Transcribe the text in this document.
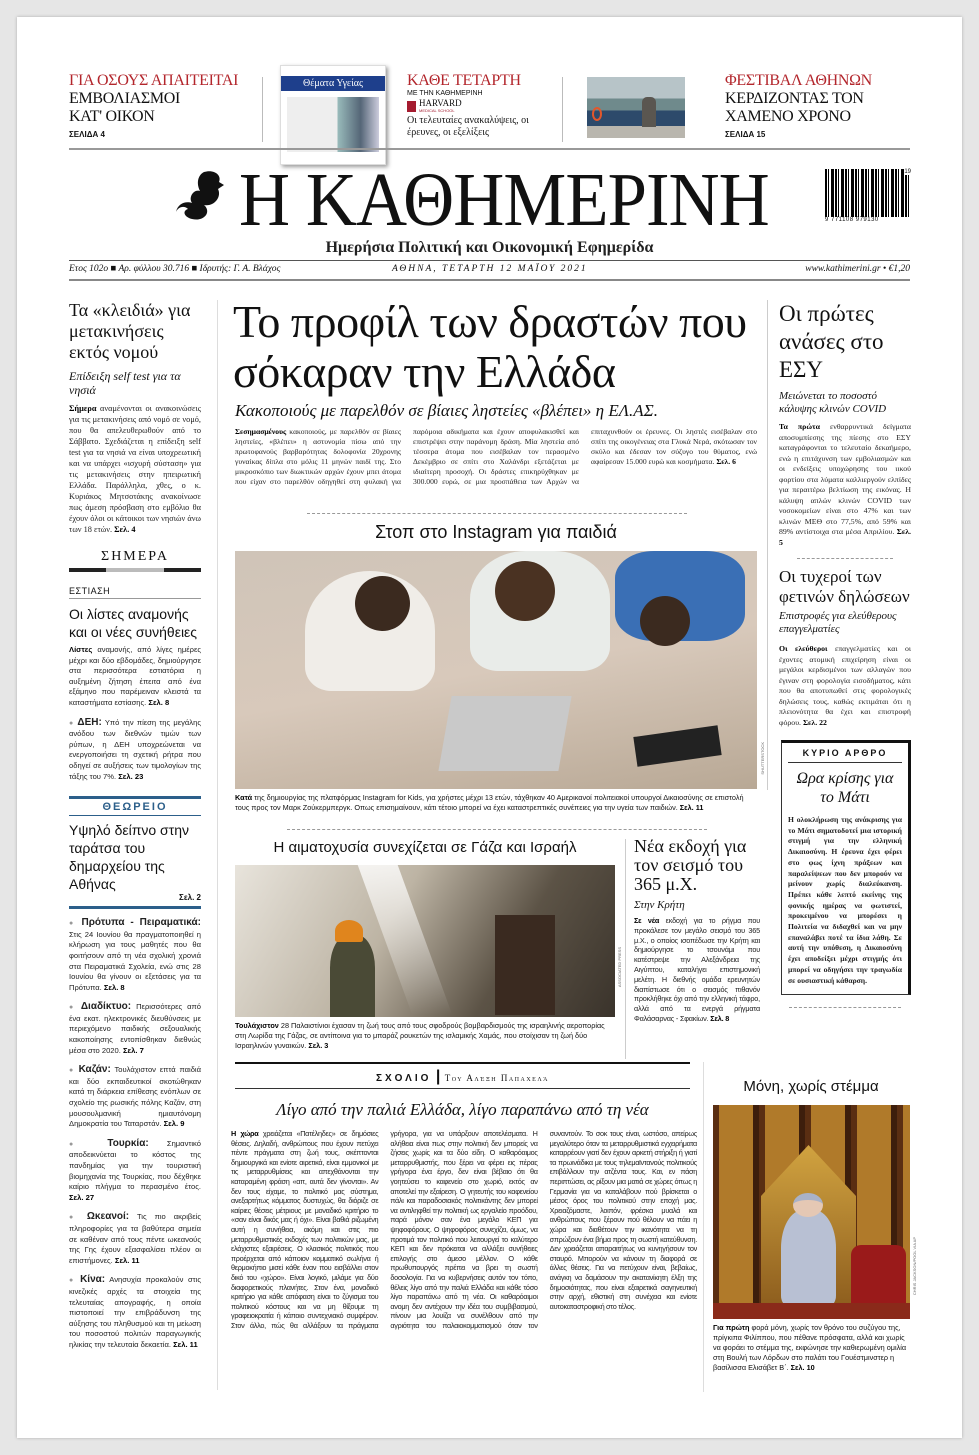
ΓΙΑ ΟΣΟΥΣ ΑΠΑΙΤΕΙΤΑΙ
ΕΜΒΟΛΙΑΣΜΟΙ ΚΑΤ' ΟΙΚΟΝ
ΣΕΛΙΔΑ 4
Θέματα Υγείας	ΚΑΘΕ ΤΕΤΑΡΤΗ
ΜΕ ΤΗΝ ΚΑΘΗΜΕΡΙΝΗ
HARVARD
MEDICAL SCHOOL
Οι τελευταίες ανακαλύψεις, οι έρευνες, οι εξελίξεις
ΦΕΣΤΙΒΑΛ ΑΘΗΝΩΝ
ΚΕΡΔΙΖΟΝΤΑΣ ΤΟΝ ΧΑΜΕΝΟ ΧΡΟΝΟ
ΣΕΛΙΔΑ 15
Η ΚΑΘΗΜΕΡΙΝΗ	9 771108 979130
19
Ημερήσια Πολιτική και Οικονομική Εφημερίδα
Ετος 102ο ■ Αρ. φύλλου 30.716 ■ Ιδρυτής: Γ. Α. Βλάχος	ΑΘΗΝΑ, ΤΕΤΑΡΤΗ 12 ΜΑΪΟΥ 2021	www.kathimerini.gr • €1,20
Τα «κλειδιά» για μετακινήσεις εκτός νομού
Επίδειξη self test για τα νησιά
Σήμερα αναμένονται οι ανακοινώσεις για τις μετακινήσεις από νομό σε νομό, που θα απελευθερωθούν από το Σάββατο. Σχεδιάζεται η επίδειξη self test για τα νησιά να είναι υποχρεωτική και να υπάρχει «ισχυρή σύσταση» για τις μετακινήσεις στην ηπειρωτική Ελλάδα. Παράλληλα, χθες, ο κ. Κυριάκος Μητσοτάκης ανακοίνωσε πως άμεση πρόσβαση στο εμβόλιο θα έχουν όλοι οι κάτοικοι των νησιών άνω των 18 ετών. Σελ. 4
ΣΗΜΕΡΑ
ΕΣΤΙΑΣΗ
Οι λίστες αναμονής και οι νέες συνήθειες
Λίστες αναμονής, από λίγες ημέρες μέχρι και δύο εβδομάδες, δημιούργησε στα περισσότερα εστιατόρια η αυξημένη ζήτηση έπειτα από ένα εξάμηνο που παρέμειναν κλειστά τα καταστήματα εστίασης. Σελ. 8
● ΔΕΗ: Υπό την πίεση της μεγάλης ανόδου των διεθνών τιμών των ρύπων, η ΔΕΗ υποχρεώνεται να ενεργοποιήσει τη σχετική ρήτρα που οδηγεί σε αυξήσεις των τιμολογίων της τάξης του 7%. Σελ. 23
ΘΕΩΡΕΙΟ
Υψηλό δείπνο στην ταράτσα του δημαρχείου της Αθήνας
Σελ. 2
● Πρότυπα - Πειραματικά: Στις 24 Ιουνίου θα πραγματοποιηθεί η κλήρωση για τους μαθητές που θα φοιτήσουν από τη νέα σχολική χρονιά στα Πειραματικά Σχολεία, ενώ στις 28 Ιουνίου θα γίνουν οι εξετάσεις για τα Πρότυπα. Σελ. 8
● Διαδίκτυο: Περισσότερες από ένα εκατ. ηλεκτρονικές διευθύνσεις με περιεχόμενο παιδικής σεξουαλικής κακοποίησης εντοπίσθηκαν διεθνώς μέσα στο 2020. Σελ. 7
● Καζάν: Τουλάχιστον επτά παιδιά και δύο εκπαιδευτικοί σκοτώθηκαν κατά τη διάρκεια επίθεσης ενόπλων σε σχολείο της ρωσικής πόλης Καζάν, στη μουσουλμανική ημιαυτόνομη Δημοκρατία του Ταταρστάν. Σελ. 9
● Τουρκία: Σημαντικό αποδεικνύεται το κόστος της πανδημίας για την τουριστική βιομηχανία της Τουρκίας, που δέχθηκε καίριο πλήγμα το περασμένο έτος. Σελ. 27
● Ωκεανοί: Τις πιο ακριβείς πληροφορίες για τα βαθύτερα σημεία σε καθέναν από τους πέντε ωκεανούς της Γης έχουν εξασφαλίσει πλέον οι επιστήμονες. Σελ. 11
● Κίνα: Ανησυχία προκαλούν στις κινεζικές αρχές τα στοιχεία της τελευταίας απογραφής, η οποία πιστοποιεί την επιβράδυνση της αύξησης του πληθυσμού και τη μείωση του ποσοστού πολιτών παραγωγικής ηλικίας την τελευταία δεκαετία. Σελ. 11
Το προφίλ των δραστών που σόκαραν την Ελλάδα
Κακοποιούς με παρελθόν σε βίαιες ληστείες «βλέπει» η ΕΛ.ΑΣ.
Σεσημασμένους κακοποιούς, με παρελθόν σε βίαιες ληστείες, «βλέπει» η αστυνομία πίσω από την πρωτοφανούς βαρβαρότητας δολοφονία 20χρονης γυναίκας δίπλα στο μόλις 11 μηνών παιδί της. Στο μικροσκόπιο των διωκτικών αρχών έχουν μπει άτομα που είχαν στο παρελθόν οδηγηθεί στη φυλακή για παρόμοια αδικήματα και έχουν αποφυλακισθεί και επιστρέψει στην παράνομη δράση. Μία ληστεία από τέσσερα άτομα που εισέβαλαν τον περασμένο Δεκέμβριο σε σπίτι στο Χαλάνδρι εξετάζεται με ιδιαίτερη προσοχή. Οι δράστες επικηρύχθηκαν με 300.000 ευρώ, σε μια προσπάθεια των Αρχών να επιταχυνθούν οι έρευνες. Οι ληστές εισέβαλαν στο σπίτι της οικογένειας στα Γλυκά Νερά, σκότωσαν τον σκύλο και έδεσαν τον σύζυγο του θύματος, ενώ αφαίρεσαν 15.000 ευρώ και κοσμήματα. Σελ. 6
Στοπ στο Instagram για παιδιά
SHUTTERSTOCK
Κατά της δημιουργίας της πλατφόρμας Instagram for Kids, για χρήστες μέχρι 13 ετών, τάχθηκαν 40 Αμερικανοί πολιτειακοί υπουργοί Δικαιοσύνης σε επιστολή τους προς τον Μαρκ Ζούκερμπεργκ. Οπως επισημαίνουν, κάτι τέτοιο μπορεί να έχει καταστρεπτικές συνέπειες για την υγεία των παιδιών. Σελ. 11
Η αιματοχυσία συνεχίζεται σε Γάζα και Ισραήλ
ASSOCIATED PRESS
Τουλάχιστον 28 Παλαιστίνιοι έχασαν τη ζωή τους από τους σφοδρούς βομβαρδισμούς της ισραηλινής αεροπορίας στη Λωρίδα της Γάζας, σε αντίποινα για το μπαράζ ρουκετών της ισλαμικής Χαμάς, που στοίχισαν τη ζωή δύο Ισραηλινών γυναικών. Σελ. 3
Νέα εκδοχή για τον σεισμό του 365 μ.Χ.
Στην Κρήτη
Σε νέα εκδοχή για το ρήγμα που προκάλεσε τον μεγάλο σεισμό του 365 μ.Χ., ο οποίος ισοπέδωσε την Κρήτη και δημιούργησε το τσουνάμι που κατέστρεψε την Αλεξάνδρεια της Αιγύπτου, καταλήγει επιστημονική μελέτη. Η διεθνής ομάδα ερευνητών διαπίστωσε ότι ο σεισμός πιθανόν προκλήθηκε όχι από την ελληνική τάφρο, αλλά από τα ενεργά ρήγματα Φαλάσαρνας - Σφακίων. Σελ. 8
ΣΧΟΛΙΟ | Του Αλέξη Παπαχελά
Λίγο από την παλιά Ελλάδα, λίγο παραπάνω από τη νέα
Η χώρα χρειάζεται «Πατέληδες» σε δημόσιες θέσεις. Δηλαδή, ανθρώπους που έχουν πετύχει πέντε πράγματα στη ζωή τους, σκέπτονται δημιουργικά και ενίοτε αιρετικά, είναι εμμονικοί με τις μεταρρυθμίσεις και απεχθάνονται την καταραμένη φράση «απ, αυτά δεν γίνονται». Αν δεν τους είχαμε, το πολιτικό μας σύστημα, ανεξαρτήτως κόμματος δυστυχώς, θα διόριζε σε καίριες θέσεις μέτριους με μοναδικό κριτήριο το «σαν είναι δικός μας ή όχι». Είναι βαθιά ριζωμένη αυτή η συνήθεια, ακόμη και στις πιο μεταρρυθμιστικές εκδοχές των πολιτικών μας, με ελάχιστες εξαιρέσεις. Ο κλασικός πολιτικός που προέρχεται από κάποιον κομματικό σωλήνα ή θερμοκήπιο μισεί κάθε έναν που εισβάλλει στον δικό του «χώρο». Είναι λογικό, μιλάμε για δύο διαφορετικούς πλανήτες. Στον ένα, μοναδικό κριτήριο για κάθε απόφαση είναι το ζύγισμα του πολιτικού κόστους και να μη θίξουμε τη γραφειοκρατία ή κάποιο συντεχνιακό συμφέρον. Στον άλλο, πώς θα αλλάξουν τα πράγματα γρήγορα, για να υπάρξουν αποτελέσματα. Η αλήθεια είναι πως στην πολιτική δεν μπορείς να ζήσεις χωρίς και τα δύο είδη. Ο καθαρόαιμος μεταρρυθμιστής, που ξέρει να φέρει εις πέρας γρήγορα ένα έργο, δεν είναι βέβαιο ότι θα γοητεύσει το καφενείο στο χωριό, εκτός αν αποτελεί την εξαίρεση. Ο γητευτής του καφενείου πάλι και παραδοσιακός πολιτικάντης δεν μπορεί να αντιληφθεί την πολιτική ως εργαλείο προόδου, παρά μόνον σαν ένα μεγάλο ΚΕΠ για ψηφοφόρους. Ο ψηφοφόρος συνεχίζει, όμως, να προτιμά τον πολιτικό που λειτουργεί το καλύτερο ΚΕΠ και δεν πρόκειται να αλλάξει συνήθειες επιλογής στο άμεσο μέλλον. Ο κάθε πρωθυπουργός πρέπει να βρει τη σωστή δοσολογία. Για να κυβερνήσεις αυτόν τον τόπο, θέλεις λίγο από την παλιά Ελλάδα και κάθε τόσο λίγο παραπάνω από τη νέα. Οι καθαρόαιμοι ανομη δεν αντέχουν την ιδέα του συμβιβασμού, πίνουν μια λουίζα να συνέλθουν από την αγριότητα του παλαιοκομματισμού όταν τον συναντούν. Το σοκ τους είναι, ωστόσο, απείρως μεγαλύτερο όταν τα μεταρρυθμιστικά εγχειρήματα καταρρέουν γιατί δεν έχουν αρκετή στήριξη ή γιατί τα πρωινάδικα με τους τηλεμαϊντανούς πολιτικούς επιβάλλουν την ατζέντα τους. Και, εν πάση περιπτώσει, ας ρίξουν μια ματιά σε χώρες όπως η Γερμανία για να καταλάβουν πού βρίσκεται ο μέσος όρος του πολιτικού στην εποχή μας. Χρειαζόμαστε, λοιπόν, φρέσκα μυαλά και ανθρώπους που ξέρουν πού θέλουν να πάει η χώρα και διαθέτουν την ικανότητα να τη σπρώξουν ένα βήμα προς τη σωστή κατεύθυνση. Δεν χρειάζεται απαραιτήτως να κυνηγήσουν τον σταυρό. Μπορούν να κάνουν τη διαφορά σε άλλες θέσεις. Για να πετύχουν είναι, βεβαίως, ανάγκη να δαμάσουν την ακατανίκητη έλξη της δημοσιότητας, που είναι εξαιρετικά σαγηνευτική στην αρχή, εθιστική στη συνέχεια και ενίοτε αυτοκαταστροφική στο τέλος.
Μόνη, χωρίς στέμμα
CHRIS JACKSON/POOL VIA AP
Για πρώτη φορά μόνη, χωρίς τον θρόνο του συζύγου της, πρίγκιπα Φιλίππου, που πέθανε πρόσφατα, αλλά και χωρίς να φοράει το στέμμα της, εκφώνησε την καθιερωμένη ομιλία στη Βουλή των Λόρδων στο παλάτι του Γουέστμινστερ η βασίλισσα Ελισάβετ Β΄. Σελ. 10
Οι πρώτες ανάσες στο ΕΣΥ
Μειώνεται το ποσοστό κάλυψης κλινών COVID
Τα πρώτα ενθαρρυντικά δείγματα αποσυμπίεσης της πίεσης στο ΕΣΥ καταγράφονται το τελευταίο δεκαήμερο, ενώ η επιτάχυνση των εμβολιασμών και οι ενδείξεις υποχώρησης του ιικού φορτίου στα λύματα καλλιεργούν ελπίδες για περαιτέρω βελτίωση της εικόνας. Η κάλυψη απλών κλινών COVID των νοσοκομείων είναι στο 47% και των κλινών ΜΕΘ στο 77,5%, από 59% και 89% αντίστοιχα στα μέσα Απριλίου. Σελ. 5
Οι τυχεροί των φετινών δηλώσεων
Επιστροφές για ελεύθερους επαγγελματίες
Οι ελεύθεροι επαγγελματίες και οι έχοντες ατομική επιχείρηση είναι οι μεγάλοι κερδισμένοι των αλλαγών που έγιναν στη φορολογία εισοδήματος, κάτι που θα αποτυπωθεί στις φορολογικές δηλώσεις τους, καθώς εκτιμάται ότι η πλειονότητα θα έχει και επιστροφή φόρου. Σελ. 22
ΚΥΡΙΟ ΑΡΘΡΟ
Ωρα κρίσης για το Μάτι
Η ολοκλήρωση της ανάκρισης για το Μάτι σηματοδοτεί μια ιστορική στιγμή για την ελληνική Δικαιοσύνη. Η έρευνα έχει φέρει στο φως ίχνη πράξεων και παραλείψεων που δεν μπορούν να μείνουν χωρίς διαλεύκανση. Πρέπει κάθε λεπτό εκείνης της φονικής ημέρας να φωτιστεί, προκειμένου να μπορέσει η Πολιτεία να διδαχθεί και να μην επαναλάβει ποτέ τα ίδια λάθη. Σε αυτή την υπόθεση, η Δικαιοσύνη έχει αποδείξει μέχρι στιγμής ότι μπορεί να οδηγήσει την τραγωδία σε ουσιαστική κάθαρση.
